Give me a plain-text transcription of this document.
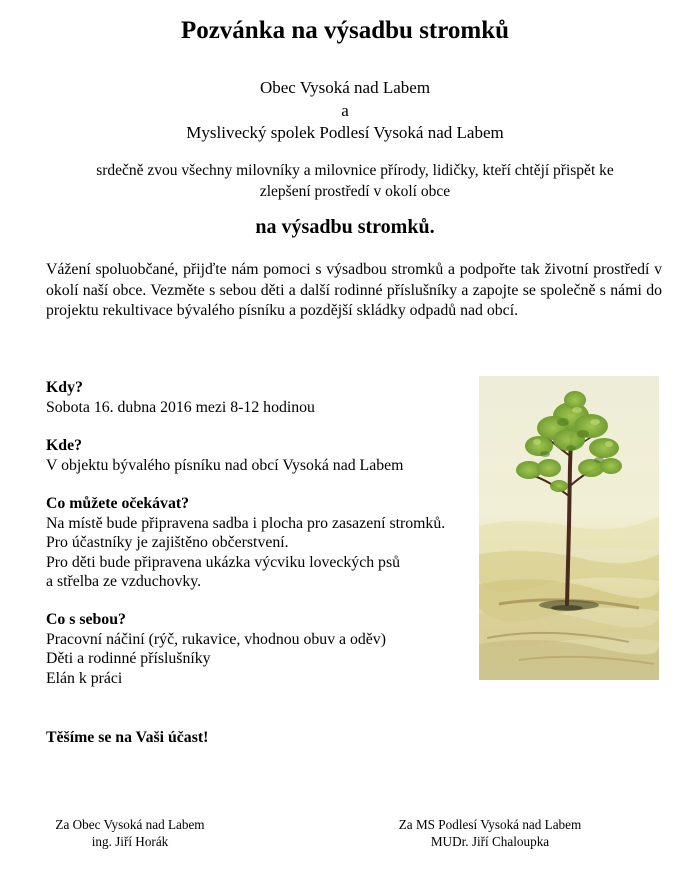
Pozvánka na výsadbu stromků
Obec Vysoká nad Labem
a
Myslivecký spolek Podlesí Vysoká nad Labem
srdečně zvou všechny milovníky a milovnice přírody, lidičky, kteří chtějí přispět ke
zlepšení prostředí v okolí obce
na výsadbu stromků.
Vážení spoluobčané, přijďte nám pomoci s výsadbou stromků a podpořte tak životní prostředí v okolí naší obce. Vezměte s sebou děti a další rodinné příslušníky a zapojte se společně s námi do projektu rekultivace bývalého písníku a pozdější skládky odpadů nad obcí.
Kdy?
Sobota 16. dubna 2016 mezi 8-12 hodinou
Kde?
V objektu bývalého písníku nad obcí Vysoká nad Labem
Co můžete očekávat?
Na místě bude připravena sadba i plocha pro zasazení stromků.
Pro účastníky je zajištěno občerstvení.
Pro děti bude připravena ukázka výcviku loveckých psů
a střelba ze vzduchovky.
Co s sebou?
Pracovní náčiní (rýč, rukavice, vhodnou obuv a oděv)
Děti a rodinné příslušníky
Elán k práci
Těšíme se na Vaši účast!
Za Obec Vysoká nad Labem
ing. Jiří Horák
Za MS Podlesí Vysoká nad Labem
MUDr. Jiří Chaloupka
